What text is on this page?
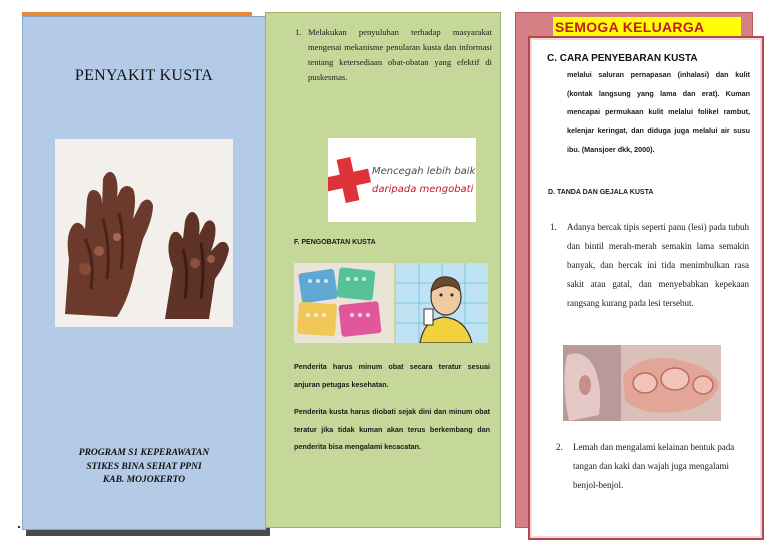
PENYAKIT KUSTA
PROGRAM S1 KEPERAWATAN
STIKES BINA SEHAT PPNI
KAB. MOJOKERTO
1. Melakukan penyuluhan terhadap masyarakat mengenai mekanisme penularan kusta dan informasi tentang ketersediaan obat-obatan yang efektif di puskesmas.
Mencegah lebih baik
daripada mengobati
F. PENGOBATAN KUSTA
Penderita harus minum obat secara teratur sesuai anjuran petugas kesehatan.
Penderita kusta harus diobati sejak dini dan minum obat teratur jika tidak kuman akan terus berkembang dan penderita bisa mengalami kecacatan.
SEMOGA KELUARGA
C. CARA PENYEBARAN KUSTA
melalui saluran pernapasan (inhalasi) dan kulit (kontak langsung yang lama dan erat). Kuman mencapai permukaan kulit melalui folikel rambut, kelenjar keringat, dan diduga juga melalui air susu ibu. (Mansjoer dkk, 2000).
D. TANDA DAN GEJALA KUSTA
1. Adanya bercak tipis seperti panu (lesi) pada tubuh dan bintil merah-merah semakin lama semakin banyak, dan bercak ini tida menimbulkan rasa sakit atau gatal, dan menyebabkan kepekaan rangsang kurang pada lesi tersebut.
2. Lemah dan mengalami kelainan bentuk pada tangan dan kaki dan wajah juga mengalami benjol-benjol.
